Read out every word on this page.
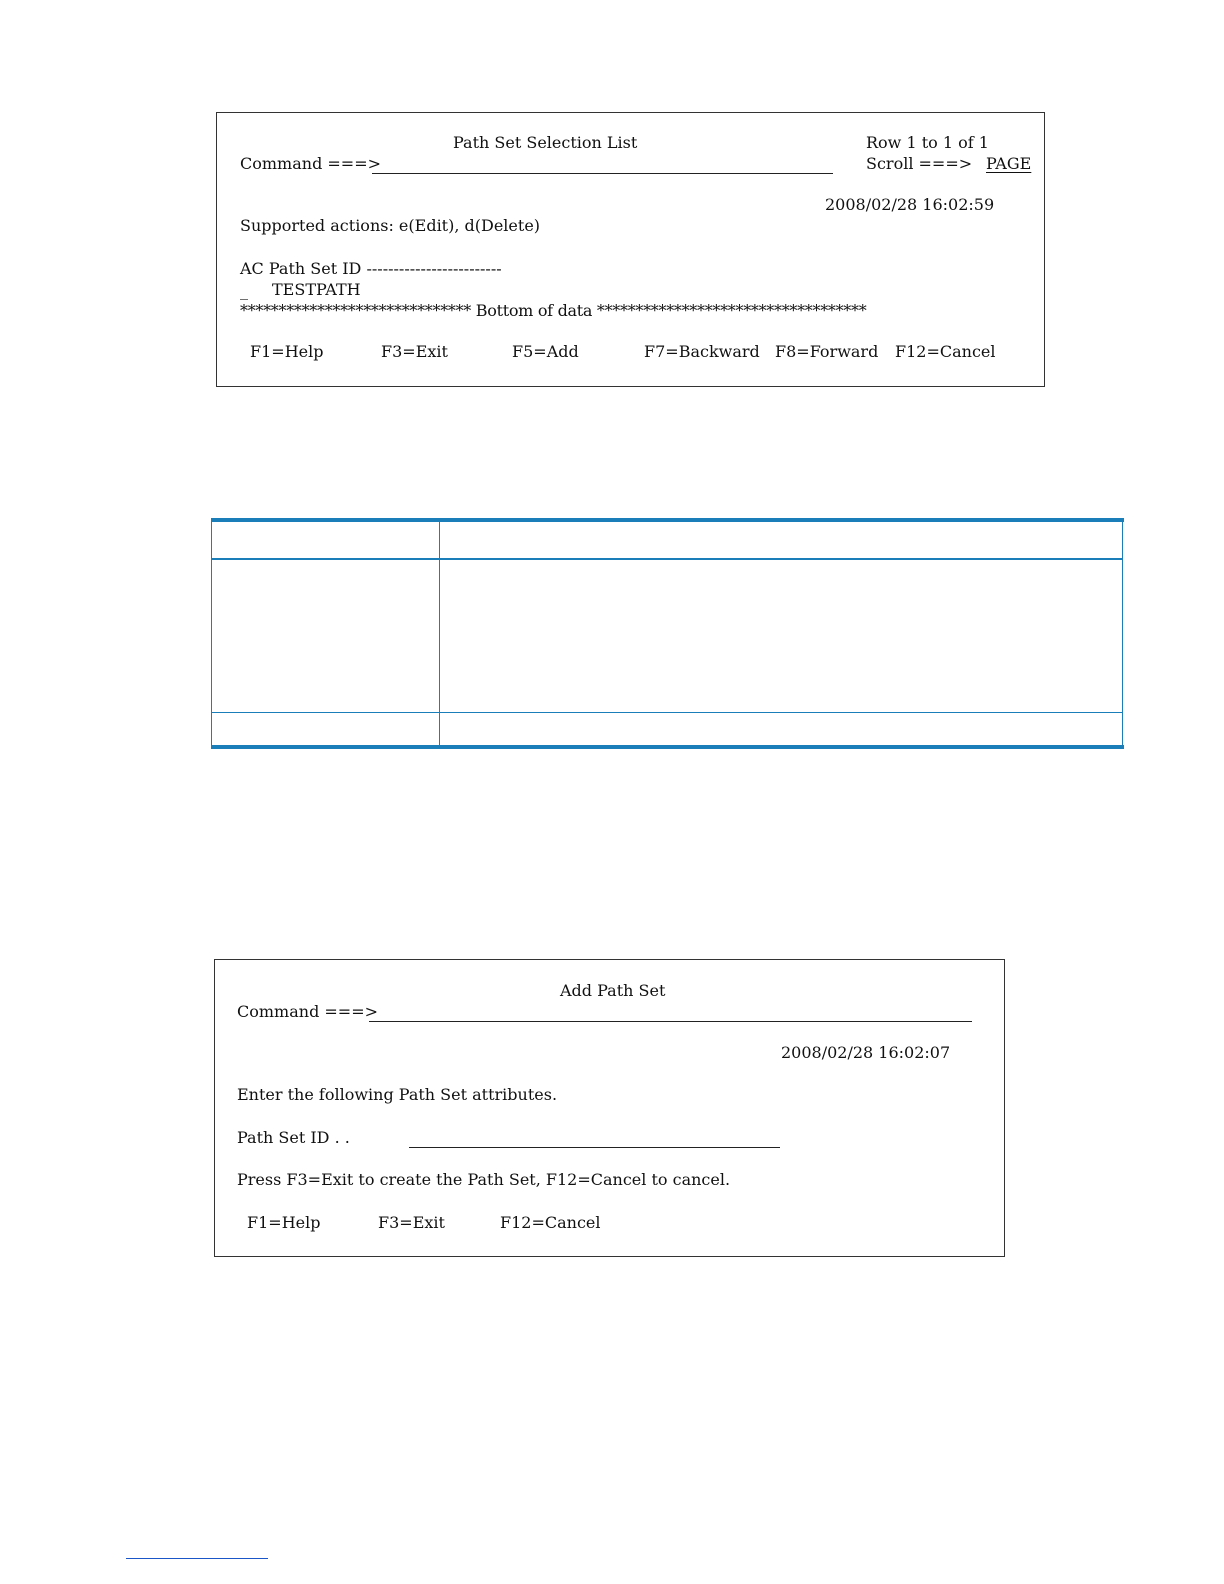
Path Set Selection List	Row 1 to 1 of 1
Command ===>	Scroll ===> PAGE
2008/02/28 16:02:59
Supported actions: e(Edit), d(Delete)
AC Path Set ID -------------------------
_ TESTPATH
****************************** Bottom of data ***********************************
F1=Help	F3=Exit	F5=Add	F7=Backward F8=Forward F12=Cancel
Add Path Set
Command ===>
2008/02/28 16:02:07
Enter the following Path Set attributes.
Path Set ID . .
Press F3=Exit to create the Path Set, F12=Cancel to cancel.
F1=Help	F3=Exit	F12=Cancel
